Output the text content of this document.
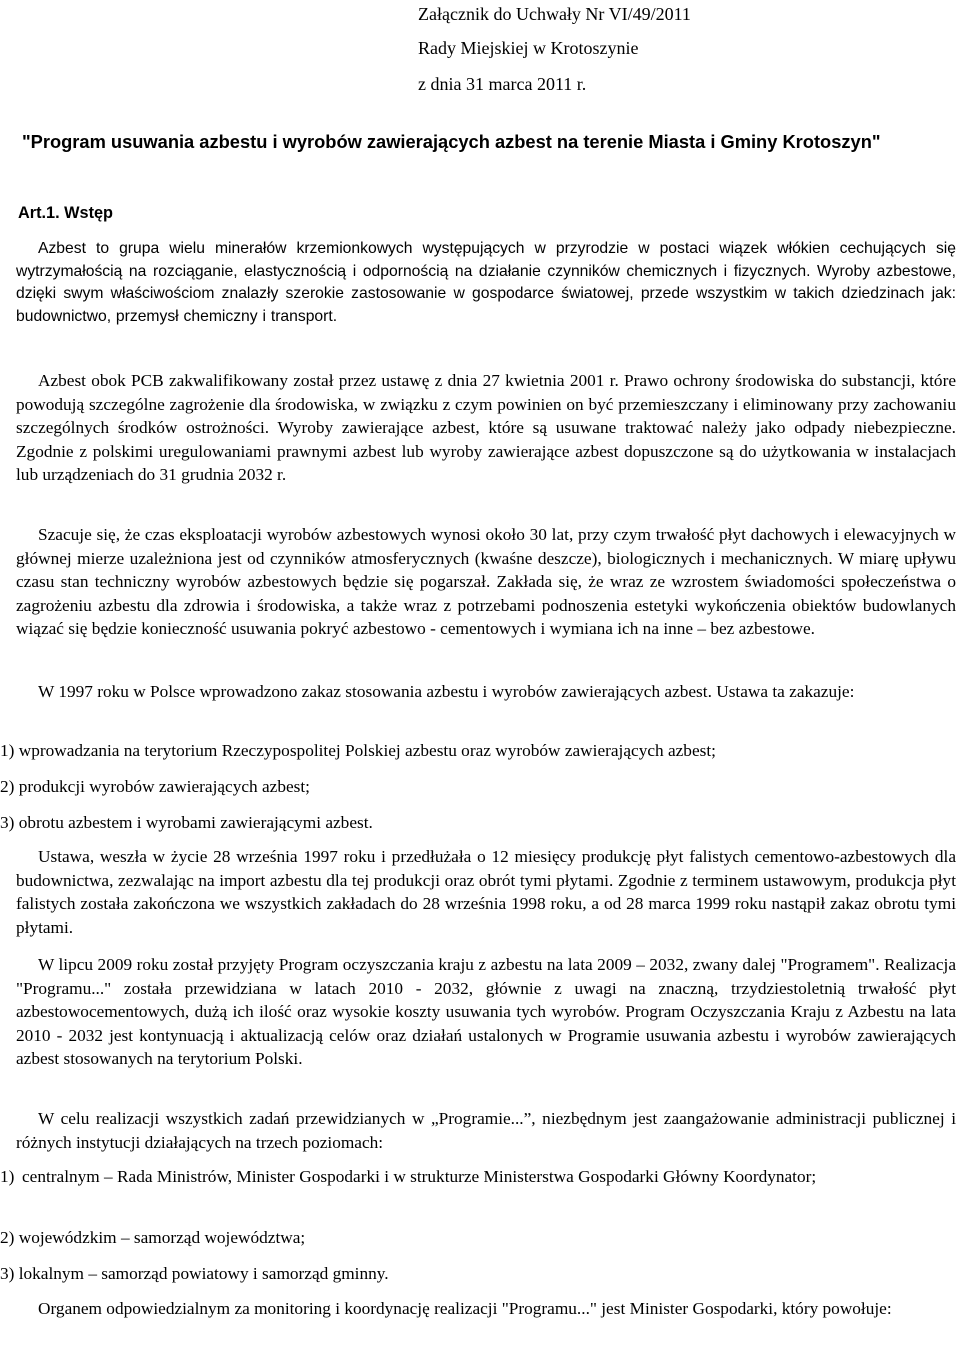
Załącznik do Uchwały Nr VI/49/2011
Rady Miejskiej w Krotoszynie
z dnia 31 marca 2011 r.
"Program usuwania azbestu i wyrobów zawierających azbest na terenie Miasta i Gminy Krotoszyn"
Art.1. Wstęp

Azbest to grupa wielu minerałów krzemionkowych występujących w przyrodzie w postaci wiązek włókien cechujących się wytrzymałością na rozciąganie, elastycznością i odpornością na działanie czynników chemicznych i fizycznych. Wyroby azbestowe, dzięki swym właściwościom znalazły szerokie zastosowanie w gospodarce światowej, przede wszystkim w takich dziedzinach jak: budownictwo, przemysł chemiczny i transport.

Azbest obok PCB zakwalifikowany został przez ustawę z dnia 27 kwietnia 2001 r. Prawo ochrony środowiska do substancji, które powodują szczególne zagrożenie dla środowiska, w związku z czym powinien on być przemieszczany i eliminowany przy zachowaniu szczególnych środków ostrożności. Wyroby zawierające azbest, które są usuwane traktować należy jako odpady niebezpieczne. Zgodnie z polskimi uregulowaniami prawnymi azbest lub wyroby zawierające azbest dopuszczone są do użytkowania w instalacjach lub urządzeniach do 31 grudnia 2032 r.

Szacuje się, że czas eksploatacji wyrobów azbestowych wynosi około 30 lat, przy czym trwałość płyt dachowych i elewacyjnych w głównej mierze uzależniona jest od czynników atmosferycznych (kwaśne deszcze), biologicznych i mechanicznych. W miarę upływu czasu stan techniczny wyrobów azbestowych będzie się pogarszał. Zakłada się, że wraz ze wzrostem świadomości społeczeństwa o zagrożeniu azbestu dla zdrowia i środowiska, a także wraz z potrzebami podnoszenia estetyki wykończenia obiektów budowlanych wiązać się będzie konieczność usuwania pokryć azbestowo - cementowych i wymiana ich na inne – bez azbestowe.

W 1997 roku w Polsce wprowadzono zakaz stosowania azbestu i wyrobów zawierających azbest. Ustawa ta zakazuje:

1) wprowadzania na terytorium Rzeczypospolitej Polskiej azbestu oraz wyrobów zawierających azbest;
2) produkcji wyrobów zawierających azbest;
3) obrotu azbestem i wyrobami zawierającymi azbest.

Ustawa, weszła w życie 28 września 1997 roku i przedłużała o 12 miesięcy produkcję płyt falistych cementowo-azbestowych dla budownictwa, zezwalając na import azbestu dla tej produkcji oraz obrót tymi płytami. Zgodnie z terminem ustawowym, produkcja płyt falistych została zakończona we wszystkich zakładach do 28 września 1998 roku, a od 28 marca 1999 roku nastąpił zakaz obrotu tymi płytami.

W lipcu 2009 roku został przyjęty Program oczyszczania kraju z azbestu na lata 2009 – 2032, zwany dalej "Programem". Realizacja "Programu..." została przewidziana w latach 2010 - 2032, głównie z uwagi na znaczną, trzydziestoletnią trwałość płyt azbestowocementowych, dużą ich ilość oraz wysokie koszty usuwania tych wyrobów. Program Oczyszczania Kraju z Azbestu na lata 2010 - 2032 jest kontynuacją i aktualizacją celów oraz działań ustalonych w Programie usuwania azbestu i wyrobów zawierających azbest stosowanych na terytorium Polski.

W celu realizacji wszystkich zadań przewidzianych w „Programie...”, niezbędnym jest zaangażowanie administracji publicznej i różnych instytucji działających na trzech poziomach:

1) centralnym – Rada Ministrów, Minister Gospodarki i w strukturze Ministerstwa Gospodarki Główny Koordynator;

2) wojewódzkim – samorząd województwa;
3) lokalnym – samorząd powiatowy i samorząd gminny.

Organem odpowiedzialnym za monitoring i koordynację realizacji "Programu..." jest Minister Gospodarki, który powołuje:
